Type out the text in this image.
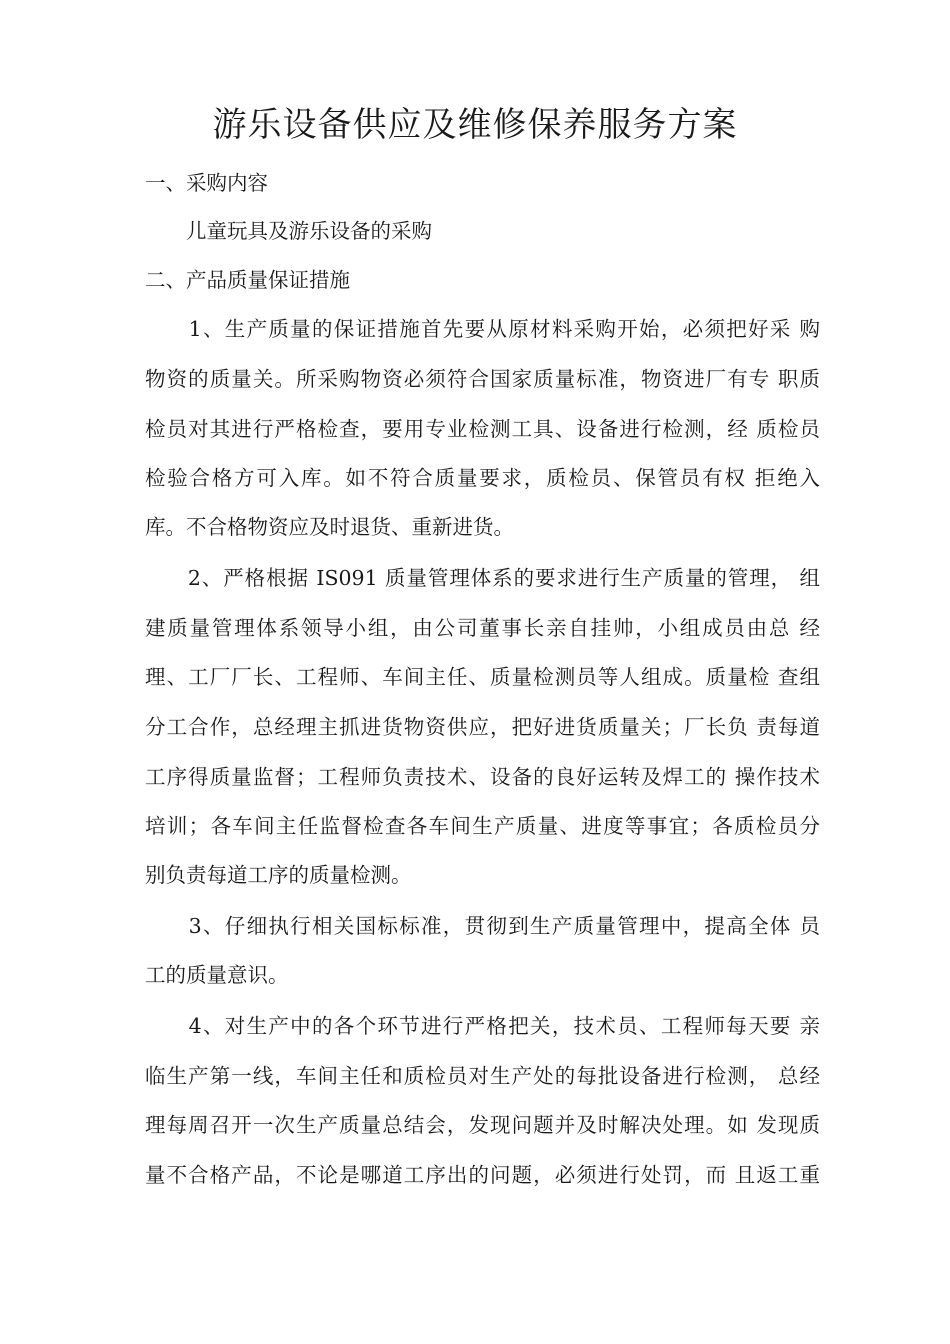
游乐设备供应及维修保养服务方案
一、采购内容
　　儿童玩具及游乐设备的采购
二、产品质量保证措施
　　1、生产质量的保证措施首先要从原材料采购开始，必须把好采 购
物资的质量关。所采购物资必须符合国家质量标准，物资进厂有专 职质
检员对其进行严格检查，要用专业检测工具、设备进行检测，经 质检员
检验合格方可入库。如不符合质量要求，质检员、保管员有权 拒绝入
库。不合格物资应及时退货、重新进货。
　　2、严格根据 IS091 质量管理体系的要求进行生产质量的管理， 组
建质量管理体系领导小组，由公司董事长亲自挂帅，小组成员由总 经
理、工厂厂长、工程师、车间主任、质量检测员等人组成。质量检 查组
分工合作，总经理主抓进货物资供应，把好进货质量关；厂长负 责每道
工序得质量监督；工程师负责技术、设备的良好运转及焊工的 操作技术
培训；各车间主任监督检查各车间生产质量、进度等事宜；各质检员分
别负责每道工序的质量检测。
　　3、仔细执行相关国标标准，贯彻到生产质量管理中，提高全体 员
工的质量意识。
　　4、对生产中的各个环节进行严格把关，技术员、工程师每天要 亲
临生产第一线，车间主任和质检员对生产处的每批设备进行检测， 总经
理每周召开一次生产质量总结会，发现问题并及时解决处理。如 发现质
量不合格产品，不论是哪道工序出的问题，必须进行处罚，而 且返工重
